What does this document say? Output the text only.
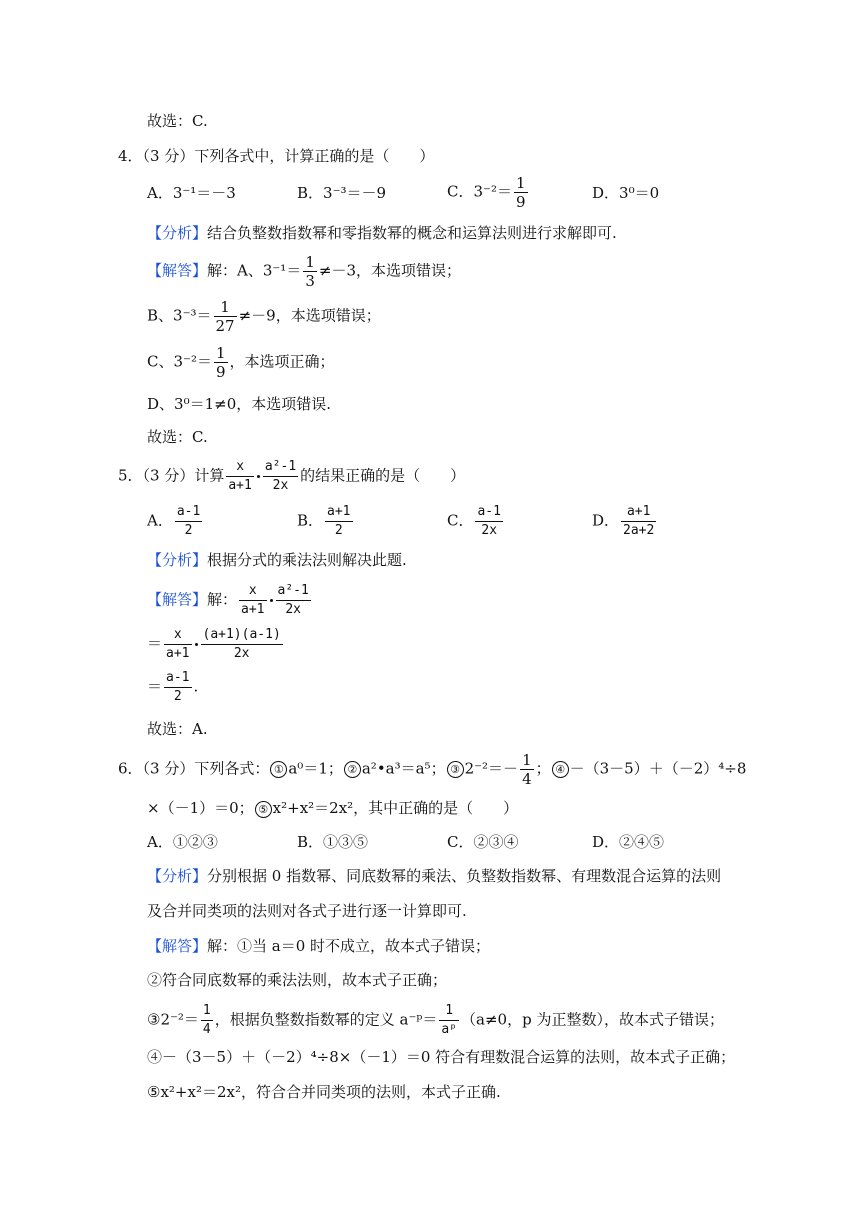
故选：C.
4．（3 分）下列各式中，计算正确的是（　　）
A．3⁻¹＝－3	B．3⁻³＝－9	C．$3^{-2}= \frac{1}{9}$	D．3⁰＝0
【分析】结合负整数指数幂和零指数幂的概念和运算法则进行求解即可.
【解答】解：A、$3^{-1}= \frac{1}{3} \ne-3$，本选项错误；
B、$3^{-3}= \frac{1}{27} \ne-9$，本选项错误；
C、$3^{-2}= \frac{1}{9}$ ，本选项正确；
D、3⁰＝1≠0，本选项错误.
故选：C.
5．（3 分）计算 $\frac{x}{a+1} \frac{\text{a²-1}}{2x}$ 的结果正确的是（　　）
A． $\frac{a-1}{2}$	B． $\frac{a+1}{2}$	C． $\frac{a-1}{2x}$	D． $\frac{a+1}{2a+2}$
【分析】根据分式的乘法法则解决此题.
【解答】解： $\frac{x}{a+1} \frac{\text{a²-1}}{2x}$
＝ $\frac{x}{a+1} \frac{(a+1)(a-1)}{2x}$
＝ $\frac{a-1}{2}$ .
故选：A.
6．（3 分）下列各式： ① a⁰＝1； ② a²•a³＝a⁵； ③ $2^{-2}=- \frac{1}{4}$ ； ④ －（3－5）＋（－2）⁴÷8
×（－1）＝0； ⑤ x²+x²＝2x²，其中正确的是（　　）
A．①②③	B．①③⑤	C．②③④	D．②④⑤
【分析】分别根据 0 指数幂、同底数幂的乘法、负整数指数幂、有理数混合运算的法则
及合并同类项的法则对各式子进行逐一计算即可.
【解答】解：①当 a＝0 时不成立，故本式子错误；
②符合同底数幂的乘法法则，故本式子正确；
③2⁻²＝ $\frac{1}{4}$ ，根据负整数指数幂的定义 a⁻ᵖ＝ $\frac{1}{\text{aᵖ}} (a\ne 0$，p 为正整数），故本式子错误；
④－（3－5）＋（－2）⁴÷8×（－1）＝0 符合有理数混合运算的法则，故本式子正确；
⑤x²+x²＝2x²，符合合并同类项的法则，本式子正确.
